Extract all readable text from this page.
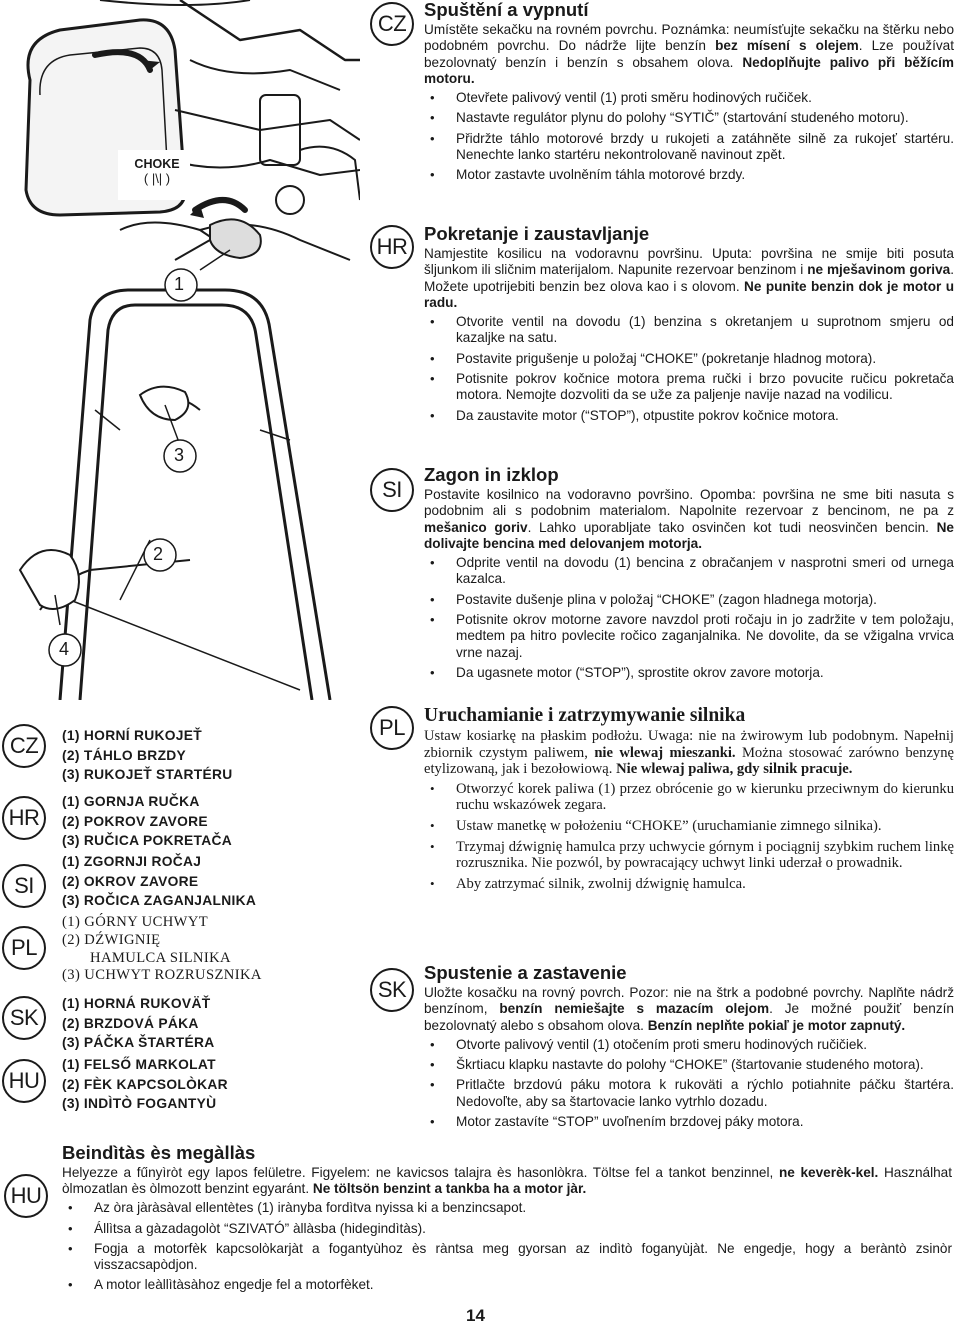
CHOKE
( |\| )
1
2
3
4
CZ
Spuštění a vypnutí

Umístěte sekačku na rovném povrchu. Poznámka: neumísťujte sekačku na štěrku nebo podobném povrchu. Do nádrže lijte benzín bez mísení s olejem. Lze používat bezolovnatý benzín i benzín s obsahem olova. Nedoplňujte palivo při běžícím motoru.

• Otevřete palivový ventil (1) proti směru hodinových ručiček.
• Nastavte regulátor plynu do polohy “SYTIČ” (startování studeného motoru).
• Přidržte táhlo motorové brzdy u rukojeti a zatáhněte silně za rukojeť startéru. Nenechte lanko startéru nekontrolovaně navinout zpět.
• Motor zastavte uvolněním táhla motorové brzdy.
HR
Pokretanje i zaustavljanje

Namjestite kosilicu na vodoravnu površinu. Uputa: površina ne smije biti posuta šljunkom ili sličnim materijalom. Napunite rezervoar benzinom i ne mješavinom goriva. Možete upotrijebiti benzin bez olova kao i s olovom. Ne punite benzin dok je motor u radu.

• Otvorite ventil na dovodu (1) benzina s okretanjem u suprotnom smjeru od kazaljke na satu.
• Postavite prigušenje u položaj “CHOKE” (pokretanje hladnog motora).
• Potisnite pokrov kočnice motora prema ručki i brzo povucite ručicu pokretača motora. Nemojte dozvoliti da se uže za paljenje navije nazad na vodilicu.
• Da zaustavite motor (“STOP”), otpustite pokrov kočnice motora.
SI
Zagon in izklop

Postavite kosilnico na vodoravno površino. Opomba: površina ne sme biti nasuta s podobnim ali s podobnim materialom. Napolnite rezervoar z bencinom, ne pa z mešanico goriv. Lahko uporabljate tako osvinčen kot tudi neosvinčen bencin. Ne dolivajte bencina med delovanjem motorja.

• Odprite ventil na dovodu (1) bencina z obračanjem v nasprotni smeri od urnega kazalca.
• Postavite dušenje plina v položaj “CHOKE” (zagon hladnega motorja).
• Potisnite okrov motorne zavore navzdol proti ročaju in jo zadržite v tem položaju, medtem pa hitro povlecite ročico zaganjalnika. Ne dovolite, da se vžigalna vrvica vrne nazaj.
• Da ugasnete motor (“STOP”), sprostite okrov zavore motorja.
PL Uruchamianie i zatrzymywanie silnika

Ustaw kosiarkę na płaskim podłożu. Uwaga: nie na żwirowym lub podobnym. Napełnij zbiornik czystym paliwem, nie wlewaj mieszanki. Można stosować zarówno benzynę etylizowaną, jak i bezołowiową. Nie wlewaj paliwa, gdy silnik pracuje.

• Otworzyć korek paliwa (1) przez obrócenie go w kierunku przeciwnym do kierunku ruchu wskazówek zegara.
• Ustaw manetkę w położeniu “CHOKE” (uruchamianie zimnego silnika).
• Trzymaj dźwignię hamulca przy uchwycie górnym i pociągnij szybkim ruchem linkę rozrusznika. Nie pozwól, by powracający uchwyt linki uderzał o prowadnik.
• Aby zatrzymać silnik, zwolnij dźwignię hamulca.
SK
Spustenie a zastavenie

Uložte kosačku na rovný povrch. Pozor: nie na štrk a podobné povrchy. Naplňte nádrž benzínom, benzín nemiešajte s mazacím olejom. Je možné použiť benzín bezolovnatý alebo s obsahom olova. Benzín neplňte pokiaľ je motor zapnutý.

• Otvorte palivový ventil (1) otočením proti smeru hodinových ručičiek.
• Škrtiacu klapku nastavte do polohy “CHOKE” (štartovanie studeného motora).
• Pritlačte brzdovú páku motora k rukoväti a rýchlo potiahnite páčku štartéra. Nedovoľte, aby sa štartovacie lanko vytrhlo dozadu.
• Motor zastavíte “STOP” uvoľnením brzdovej páky motora.
CZ	(1) HORNÍ RUKOJEŤ
(2) TÁHLO BRZDY
(3) RUKOJEŤ STARTÉRU
HR
(1) GORNJA RUČKA
(2) POKROV ZAVORE
(3) RUČICA POKRETAČA
SI
(1) ZGORNJI ROČAJ
(2) OKROV ZAVORE
(3) ROČICA ZAGANJALNIKA
PL
(1) GÓRNY UCHWYT
(2) DŹWIGNIĘ
HAMULCA SILNIKA
(3) UCHWYT ROZRUSZNIKA
SK
(1) HORNÁ RUKOVÄŤ
(2) BRZDOVÁ PÁKA
(3) PÁČKA ŠTARTÉRA
HU
(1) FELSŐ MARKOLAT
(2) FÈK KAPCSOLÒKAR
(3) INDÌTÒ FOGANTYÙ
HU
Beindìtàs ès megàllàs

Helyezze a fűnyìròt egy lapos felületre. Figyelem: ne kavicsos talajra ès hasonlòkra. Töltse fel a tankot benzinnel, ne keverèk-kel. Használhat òlmozatlan ès òlmozott benzint egyaránt. Ne töltsön benzint a tankba ha a motor jàr.

• Az òra jàràsàval ellentètes (1) irànyba fordìtva nyissa ki a benzincsapot.
• Állìtsa a gàzadagolòt “SZIVATÓ” àllàsba (hidegindìtàs).
• Fogja a motorfèk kapcsolòkarjàt a fogantyùhoz ès ràntsa meg gyorsan az indìtò foganyùjàt. Ne engedje, hogy a beràntò zsinòr visszacsapòdjon.
• A motor leàllìtàsàhoz engedje fel a motorfèket.
14
